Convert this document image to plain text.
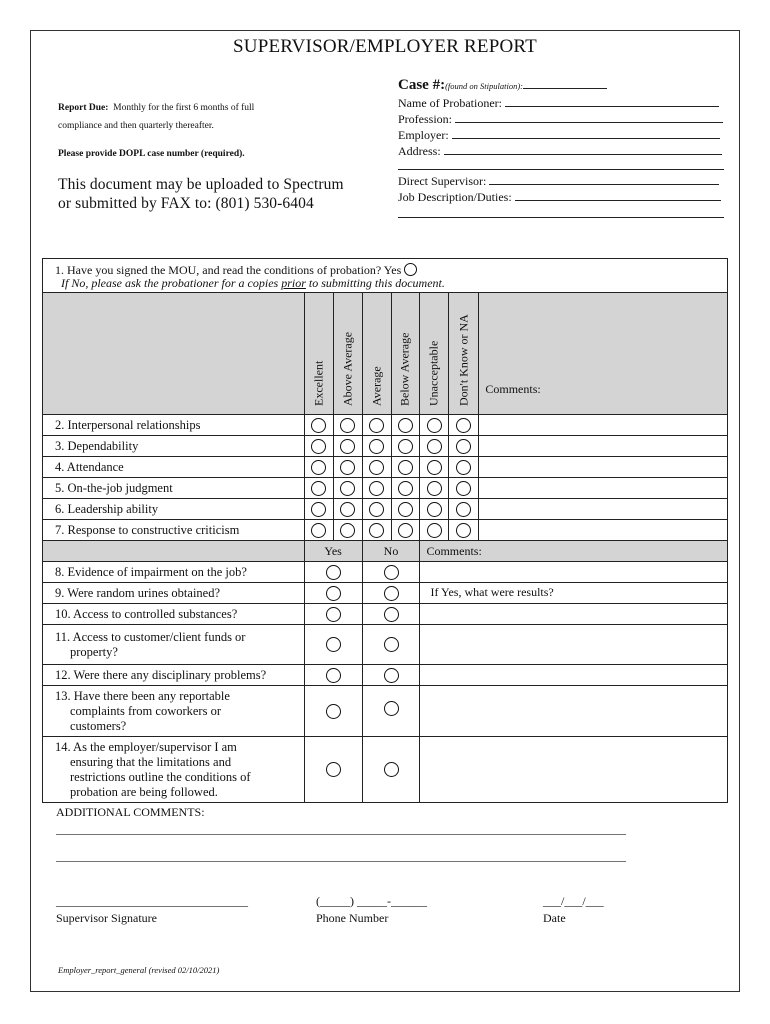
SUPERVISOR/EMPLOYER REPORT
Case #:(found on Stipulation):
Name of Probationer:
Profession:
Employer:
Address:
Direct Supervisor:
Job Description/Duties:
Report Due: Monthly for the first 6 months of full
compliance and then quarterly thereafter.
Please provide DOPL case number (required).
This document may be uploaded to Spectrum
or submitted by FAX to: (801) 530-6404
1. Have you signed the MOU, and read the conditions of probation? Yes
If No, please ask the probationer for a copies prior to submitting this document.							

	Excellent	Above Average	Average	Below Average	Unacceptable	Don't Know or NA	Comments:
2. Interpersonal relationships							
3. Dependability							
4. Attendance							
5. On-the-job judgment							
6. Leadership ability							
7. Response to constructive criticism							
	Yes		No		Comments:		
8. Evidence of impairment on the job?							
9. Were random urines obtained?					If Yes, what were results?		
10. Access to controlled substances?							
11. Access to customer/client funds or
property?							

12. Were there any disciplinary problems?							
13. Have there been any reportable
complaints from coworkers or
customers?							

14. As the employer/supervisor I am
ensuring that the limitations and
restrictions outline the conditions of
probation are being followed.							

ADDITIONAL COMMENTS:
_______________________________________________________________________________________________
_______________________________________________________________________________________________
________________________________
Supervisor Signature
(_____) _____-______
Phone Number
___/___/___
Date
Employer_report_general (revised 02/10/2021)
